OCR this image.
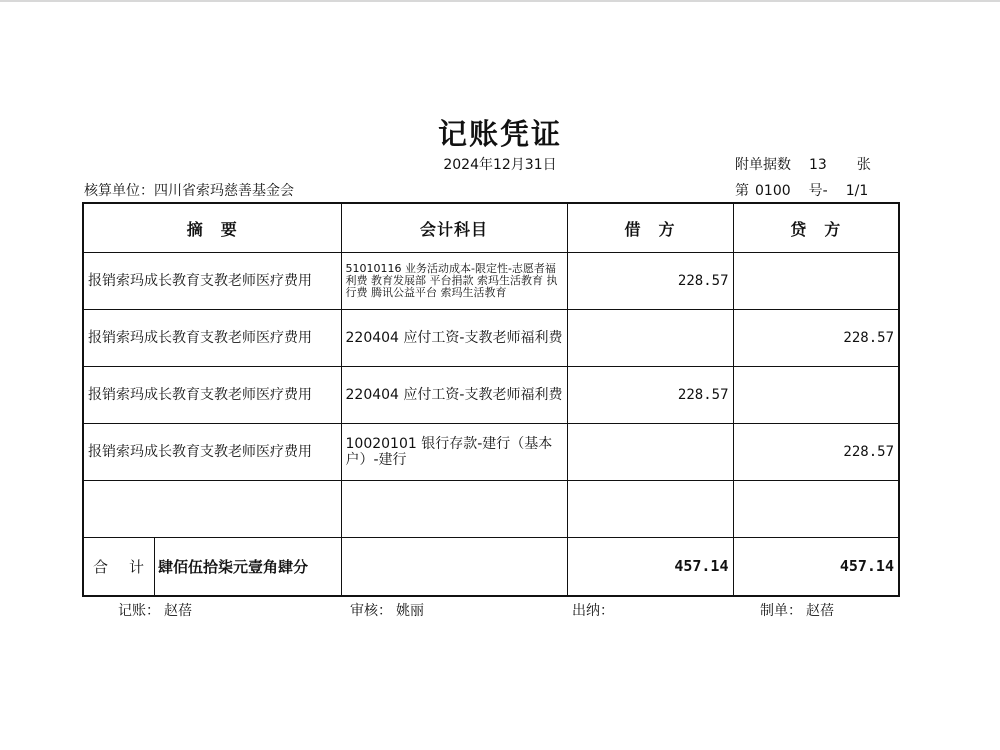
记账凭证
2024年12月31日	附单据数 13 张
核算单位：四川省索玛慈善基金会	第 0100 号- 1/1
摘　要	会计科目	借　方	贷　方
报销索玛成长教育支教老师医疗费用	51010116 业务活动成本-限定性-志愿者福利费 教育发展部 平台捐款 索玛生活教育 执行费 腾讯公益平台 索玛生活教育	228.57	
报销索玛成长教育支教老师医疗费用	220404 应付工资-支教老师福利费		228.57
报销索玛成长教育支教老师医疗费用	220404 应付工资-支教老师福利费	228.57	
报销索玛成长教育支教老师医疗费用	10020101 银行存款-建行（基本户）-建行		228.57

合 计 肆佰伍拾柒元壹角肆分		457.14	457.14
记账： 赵蓓	审核： 姚丽	出纳：	制单： 赵蓓
